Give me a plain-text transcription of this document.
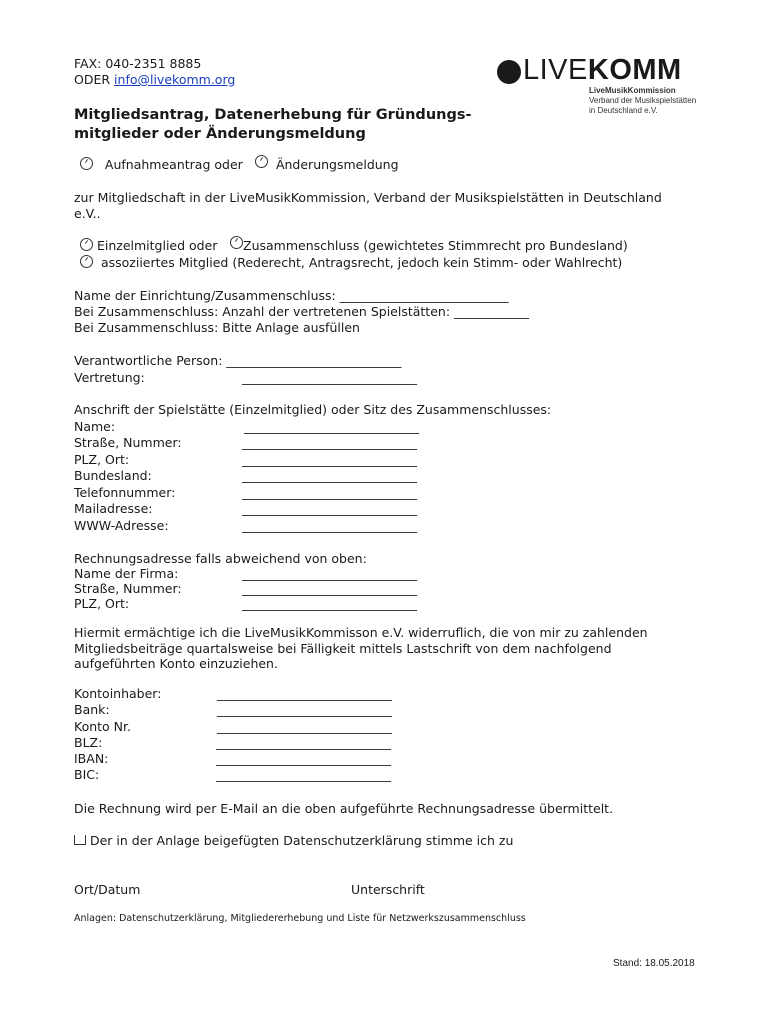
FAX: 040-2351 8885
ODER info@livekomm.org	LIVEKOMM
LiveMusikKommission
Verband der Musikspielstätten
in Deutschland e.V.
Mitgliedsantrag, Datenerhebung für Gründungs-
mitglieder oder Änderungsmeldung
Aufnahmeantrag oder	Änderungsmeldung
zur Mitgliedschaft in der LiveMusikKommission, Verband der Musikspielstätten in Deutschland
e.V..
Einzelmitglied oder	Zusammenschluss (gewichtetes Stimmrecht pro Bundesland)
assoziiertes Mitglied (Rederecht, Antragsrecht, jedoch kein Stimm- oder Wahlrecht)
Name der Einrichtung/Zusammenschluss: ___________________________
Bei Zusammenschluss: Anzahl der vertretenen Spielstätten: ____________
Bei Zusammenschluss: Bitte Anlage ausfüllen
Verantwortliche Person: ____________________________
Vertretung:	____________________________
Anschrift der Spielstätte (Einzelmitglied) oder Sitz des Zusammenschlusses:
Name:	____________________________
Straße, Nummer:	____________________________
PLZ, Ort:	____________________________
Bundesland:	____________________________
Telefonnummer:	____________________________
Mailadresse:	____________________________
WWW-Adresse:	____________________________
Rechnungsadresse falls abweichend von oben:
Name der Firma:	____________________________
Straße, Nummer:	____________________________
PLZ, Ort:	____________________________
Hiermit ermächtige ich die LiveMusikKommisson e.V. widerruflich, die von mir zu zahlenden
Mitgliedsbeiträge quartalsweise bei Fälligkeit mittels Lastschrift von dem nachfolgend
aufgeführten Konto einzuziehen.
Kontoinhaber:	____________________________
Bank:	____________________________
Konto Nr.	____________________________
BLZ:	____________________________
IBAN:	____________________________
BIC:	____________________________
Die Rechnung wird per E-Mail an die oben aufgeführte Rechnungsadresse übermittelt.
Der in der Anlage beigefügten Datenschutzerklärung stimme ich zu
Ort/Datum	Unterschrift
Anlagen: Datenschutzerklärung, Mitgliedererhebung und Liste für Netzwerkszusammenschluss
Stand: 18.05.2018
